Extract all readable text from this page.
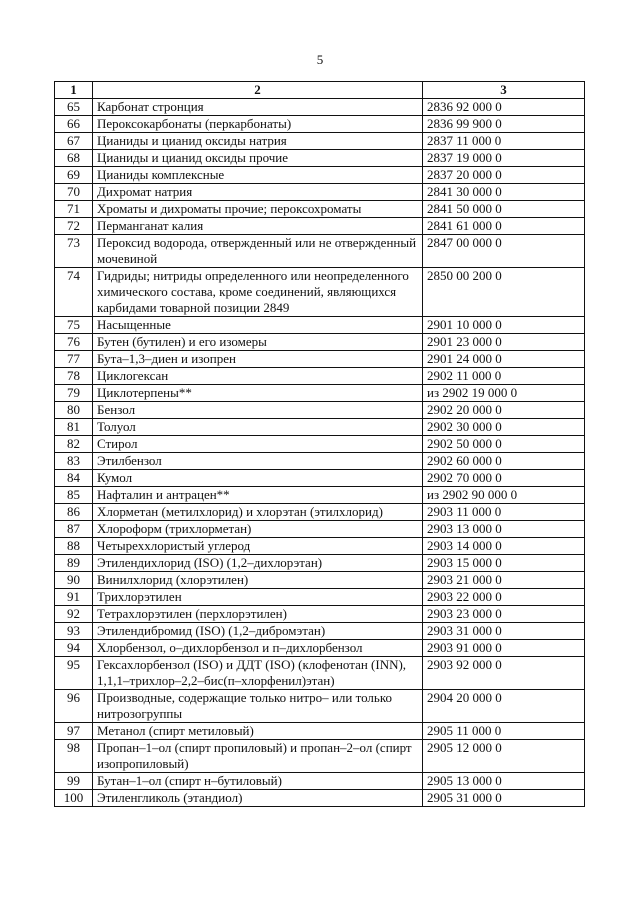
5
1	2	3
65	Карбонат стронция	2836 92 000 0
66	Пероксокарбонаты (перкарбонаты)	2836 99 900 0
67	Цианиды и цианид оксиды натрия	2837 11 000 0
68	Цианиды и цианид оксиды прочие	2837 19 000 0
69	Цианиды комплексные	2837 20 000 0
70	Дихромат натрия	2841 30 000 0
71	Хроматы и дихроматы прочие; пероксохроматы	2841 50 000 0
72	Перманганат калия	2841 61 000 0
73	Пероксид водорода, отвержденный или не отвержденный мочевиной	2847 00 000 0
74	Гидриды; нитриды определенного или неопределенного химического состава, кроме соединений, являющихся карбидами товарной позиции 2849	2850 00 200 0
75	Насыщенные	2901 10 000 0
76	Бутен (бутилен) и его изомеры	2901 23 000 0
77	Бута–1,3–диен и изопрен	2901 24 000 0
78	Циклогексан	2902 11 000 0
79	Циклотерпены**	из 2902 19 000 0
80	Бензол	2902 20 000 0
81	Толуол	2902 30 000 0
82	Стирол	2902 50 000 0
83	Этилбензол	2902 60 000 0
84	Кумол	2902 70 000 0
85	Нафталин и антрацен**	из 2902 90 000 0
86	Хлорметан (метилхлорид) и хлорэтан (этилхлорид)	2903 11 000 0
87	Хлороформ (трихлорметан)	2903 13 000 0
88	Четыреххлористый углерод	2903 14 000 0
89	Этилендихлорид (ISO) (1,2–дихлорэтан)	2903 15 000 0
90	Винилхлорид (хлорэтилен)	2903 21 000 0
91	Трихлорэтилен	2903 22 000 0
92	Тетрахлорэтилен (перхлорэтилен)	2903 23 000 0
93	Этилендибромид (ISO) (1,2–дибромэтан)	2903 31 000 0
94	Хлорбензол, о–дихлорбензол и п–дихлорбензол	2903 91 000 0
95	Гексахлорбензол (ISO) и ДДТ (ISO) (клофенотан (INN), 1,1,1–трихлор–2,2–бис(п–хлорфенил)этан)	2903 92 000 0
96	Производные, содержащие только нитро– или только нитрозогруппы	2904 20 000 0
97	Метанол (спирт метиловый)	2905 11 000 0
98	Пропан–1–ол (спирт пропиловый) и пропан–2–ол (спирт изопропиловый)	2905 12 000 0
99	Бутан–1–ол (спирт н–бутиловый)	2905 13 000 0
100	Этиленгликоль (этандиол)	2905 31 000 0
